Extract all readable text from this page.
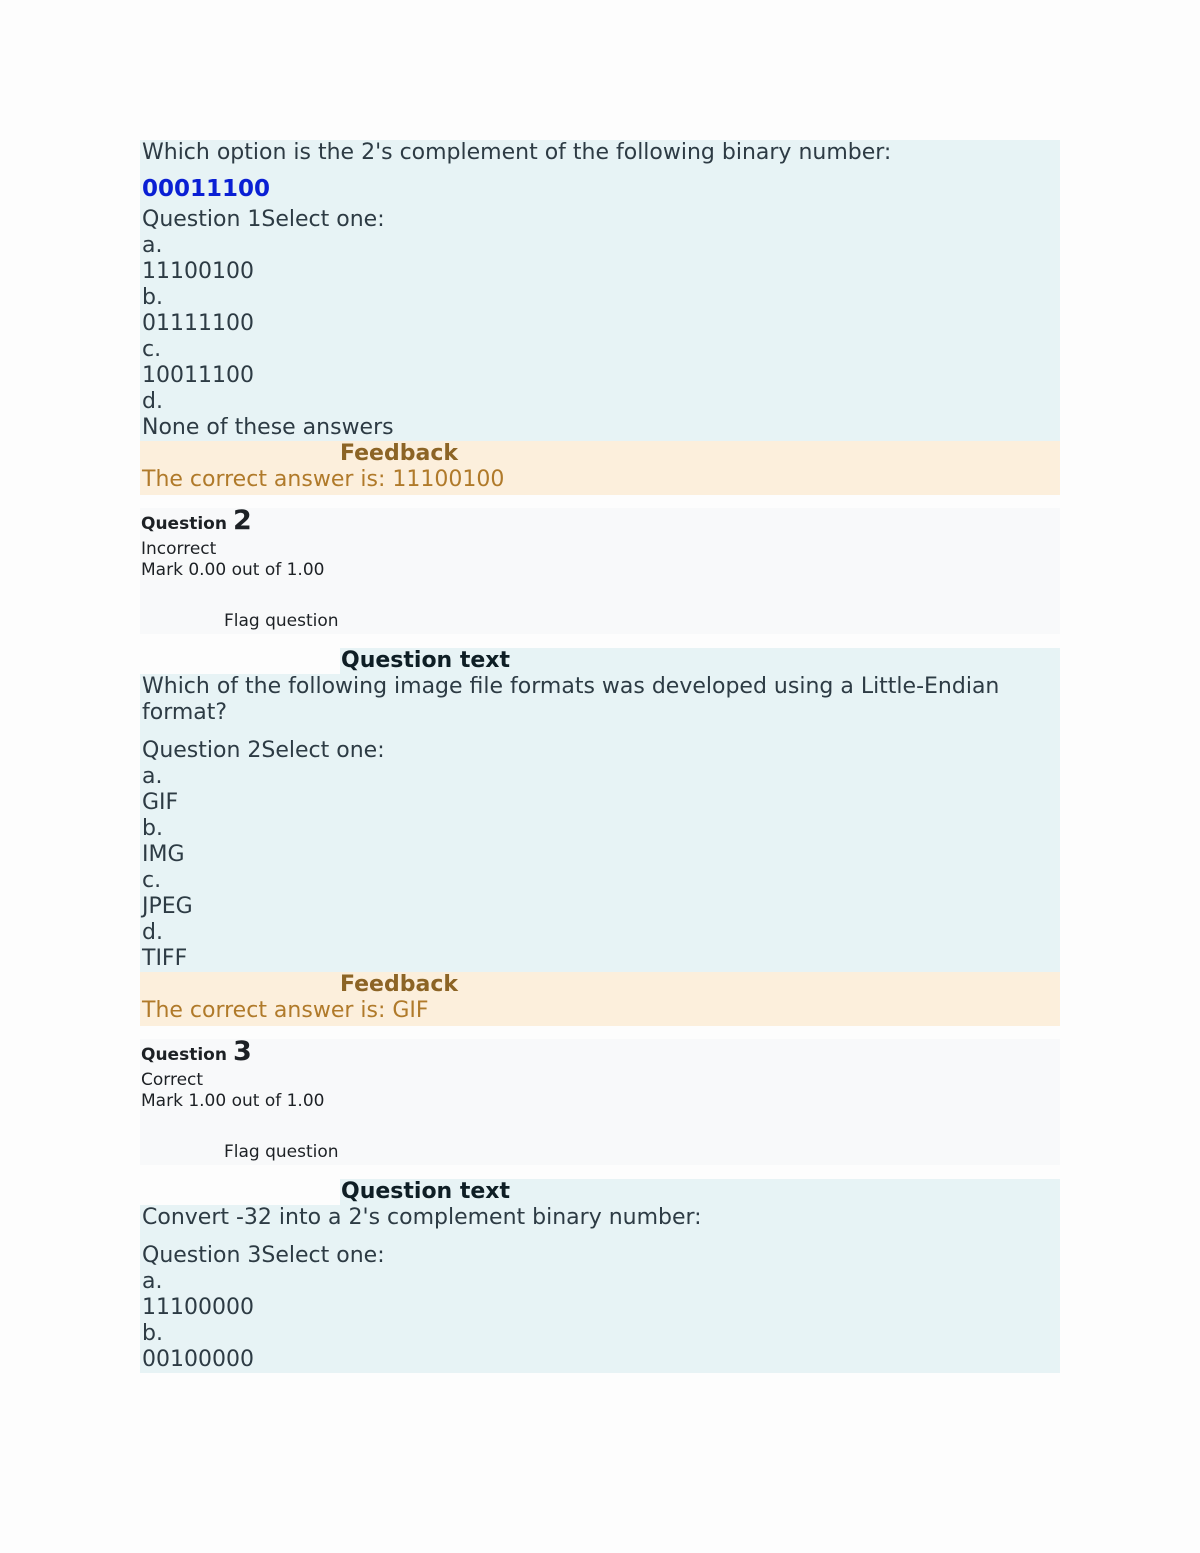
Which option is the 2's complement of the following binary number:
00011100
Question 1Select one:
a.
11100100
b.
01111100
c.
10011100
d.
None of these answers
Feedback
The correct answer is: 11100100
Question 2
Incorrect
Mark 0.00 out of 1.00
Flag question
Question text
Which of the following image file formats was developed using a Little-Endian
format?
Question 2Select one:
a.
GIF
b.
IMG
c.
JPEG
d.
TIFF
Feedback
The correct answer is: GIF
Question 3
Correct
Mark 1.00 out of 1.00
Flag question
Question text
Convert -32 into a 2's complement binary number:
Question 3Select one:
a.
11100000
b.
00100000
